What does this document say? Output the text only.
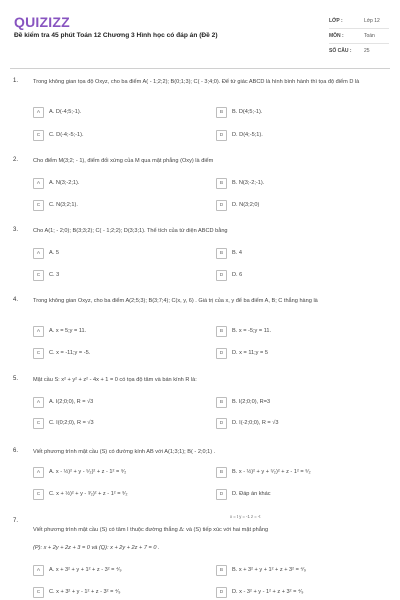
QUIZIZZ
Đề kiểm tra 45 phút Toán 12 Chương 3 Hình học có đáp án (Đề 2)
LỚP :	Lớp 12
MÔN :	Toán
SỐ CÂU :	25
1.	Trong không gian tọa độ Oxyz, cho ba điểm A( - 1;2;2); B(0;1;3); C( - 3;4;0). Để tứ giác ABCD là hình bình hành thì tọa độ điểm D là
A	A. D(-4;5;-1).	B	B. D(4;5;-1).
C	C. D(-4;-5;-1).	D	D. D(4;-5;1).
2.	Cho điểm M(3;2; - 1), điểm đối xứng của M qua mặt phẳng (Oxy) là điểm
A	A. N(3;-2;1).	B	B. N(3;-2;-1).
C	C. N(3;2;1).	D	D. N(3;2;0)
3.	Cho A(1; - 2;0); B(3;3;2); C( - 1;2;2); D(3;3;1). Thể tích của tứ diện ABCD bằng
A	A. 5	B	B. 4
C	C. 3	D	D. 6
4.	Trong không gian Oxyz, cho ba điểm A(2;5;3); B(3;7;4); C(x, y, 6) . Giá trị của x, y để ba điểm A, B; C thẳng hàng là
A	A. x = 5;y = 11.	B	B. x = -5;y = 11.
C	C. x = -11;y = -5.	D	D. x = 11;y = 5
5.	Mặt cầu S: x² + y² + z² - 4x + 1 = 0 có tọa độ tâm và bán kính R là:
A	A. I(2;0;0), R = √3	B	B. I(2;0;0), R=3
C	C. I(0;2;0), R = √3	D	D. I(-2;0;0), R = √3
6.	Viết phương trình mặt cầu (S) có đường kính AB với A(1;3;1); B( - 2;0;1) .
A	A. x - ½)² + y - ⁵⁄₂)² + z - 1² = ⁹⁄₂	B	B. x - ½)² + y + ⁵⁄₂)² + z - 1² = ⁹⁄₂
C	C. x + ½)² + y - ³⁄₂)² + z - 1² = ⁹⁄₂	D	D. Đáp án khác
7.
x = t y = -1 z = -t
Viết phương trình mặt cầu (S) có tâm I thuộc đường thẳng Δ: và (S) tiếp xúc với hai mặt phẳng
(P): x + 2y + 2z + 3 = 0 và (Q): x + 2y + 2z + 7 = 0 .
A	A. x + 3² + y + 1² + z - 3² = ⁴⁄₉	B	B. x + 3² + y + 1² + z + 3² = ⁴⁄₉
C	C. x + 3² + y - 1² + z - 3² = ⁴⁄₉	D	D. x - 3² + y - 1² + z + 3² = ⁴⁄₉
